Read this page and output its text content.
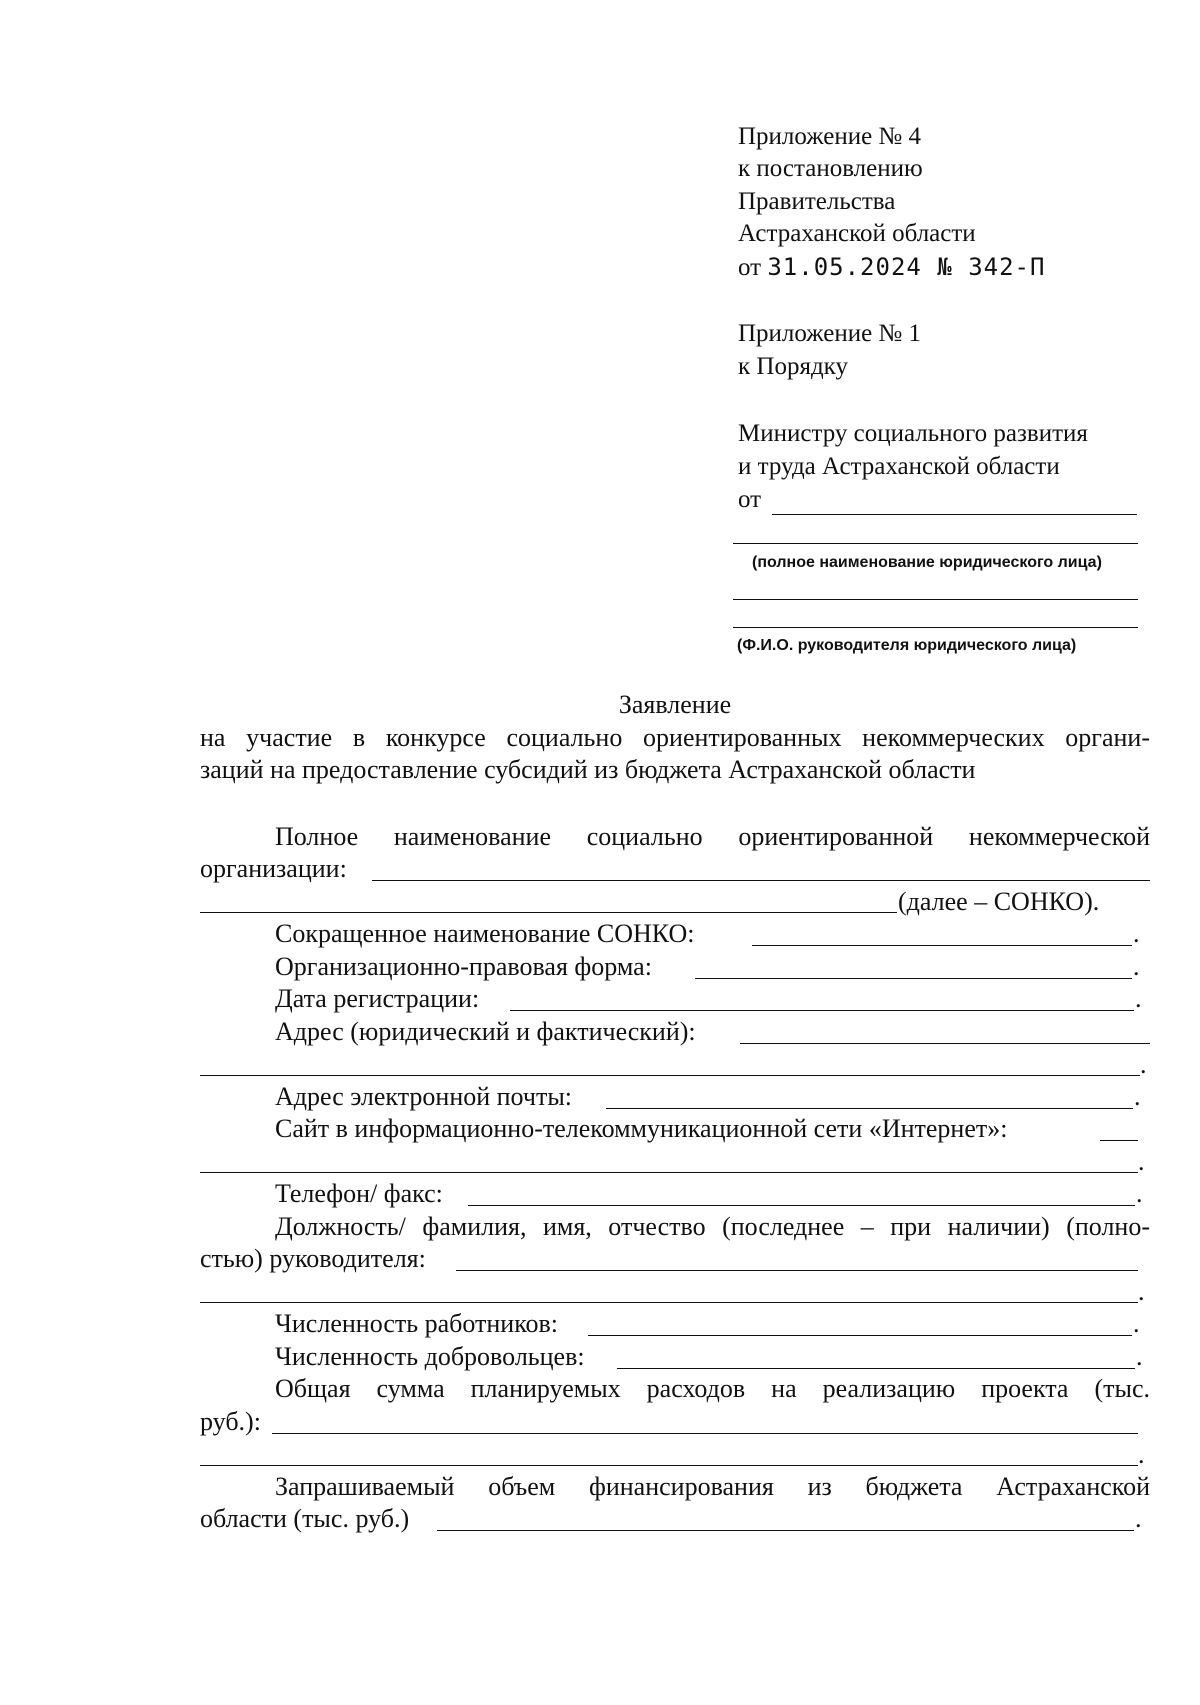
Приложение № 4
к постановлению
Правительства
Астраханской области
от 31.05.2024 № 342-П
Приложение № 1
к Порядку
Министру социального развития
и труда Астраханской области
от
(полное наименование юридического лица)
(Ф.И.О. руководителя юридического лица)
Заявление
на участие в конкурсе социально ориентированных некоммерческих органи-
заций на предоставление субсидий из бюджета Астраханской области
Полное наименование социально ориентированной некоммерческой
организации:
(далее – СОНКО).
Сокращенное наименование СОНКО:	.
Организационно-правовая форма:	.
Дата регистрации:	.
Адрес (юридический и фактический):
.
Адрес электронной почты:	.
Сайт в информационно-телекоммуникационной сети «Интернет»:
.
Телефон/ факс:	.
Должность/ фамилия, имя, отчество (последнее – при наличии) (полно-
стью) руководителя:
.
Численность работников:	.
Численность добровольцев:	.
Общая сумма планируемых расходов на реализацию проекта (тыс.
руб.):
.
Запрашиваемый объем финансирования из бюджета Астраханской
области (тыс. руб.)	.
